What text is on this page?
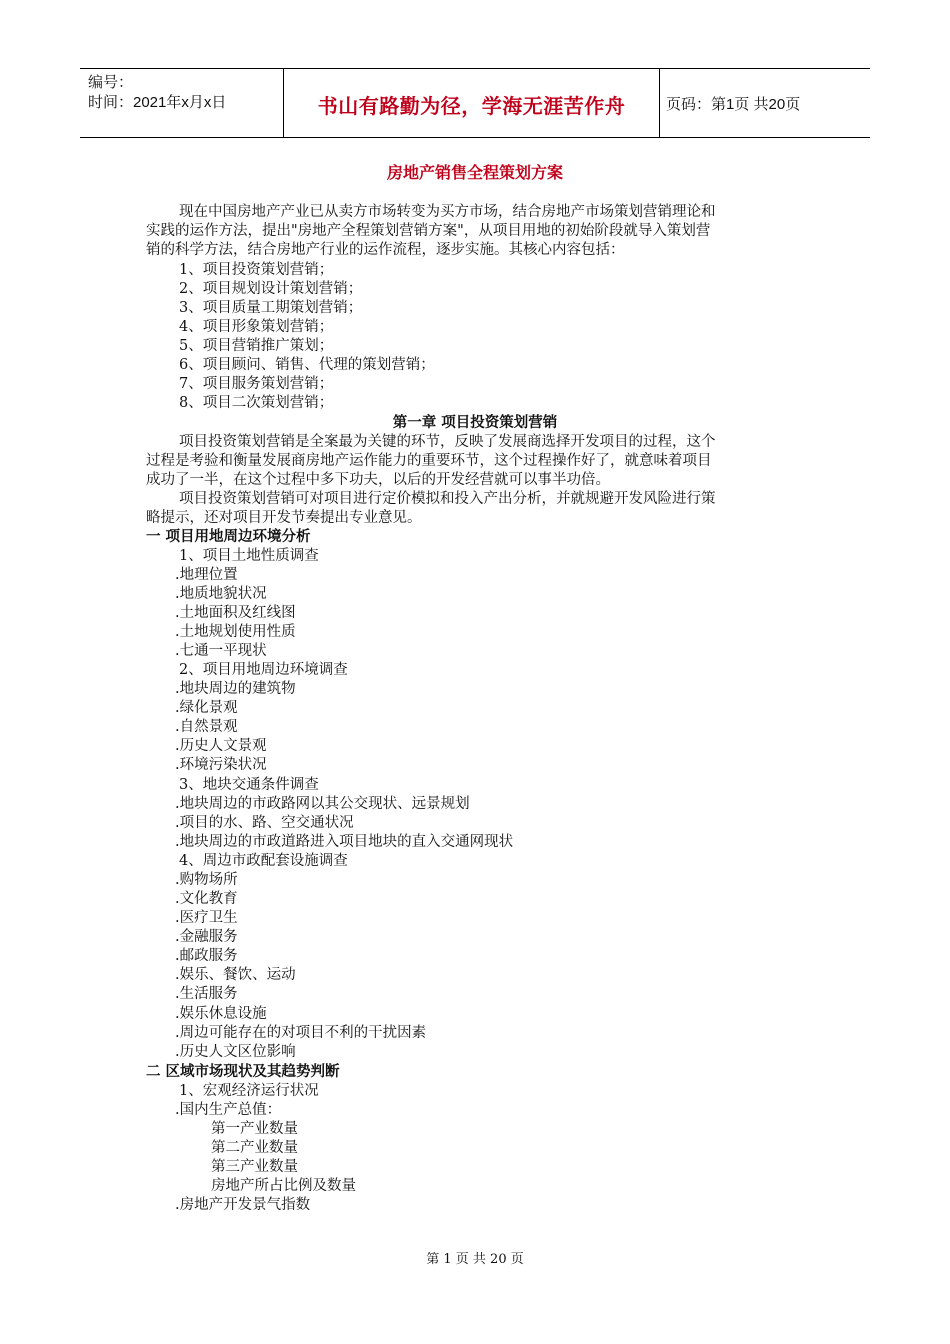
编号：
时间：2021年x月x日	书山有路勤为径，学海无涯苦作舟	页码：第1页 共20页
房地产销售全程策划方案
现在中国房地产产业已从卖方市场转变为买方市场，结合房地产市场策划营销理论和
实践的运作方法，提出"房地产全程策划营销方案"，从项目用地的初始阶段就导入策划营
销的科学方法，结合房地产行业的运作流程，逐步实施。其核心内容包括：
1、项目投资策划营销；
2、项目规划设计策划营销；
3、项目质量工期策划营销；
4、项目形象策划营销；
5、项目营销推广策划；
6、项目顾问、销售、代理的策划营销；
7、项目服务策划营销；
8、项目二次策划营销；
第一章 项目投资策划营销
项目投资策划营销是全案最为关键的环节，反映了发展商选择开发项目的过程，这个
过程是考验和衡量发展商房地产运作能力的重要环节，这个过程操作好了，就意味着项目
成功了一半，在这个过程中多下功夫，以后的开发经营就可以事半功倍。
项目投资策划营销可对项目进行定价模拟和投入产出分析，并就规避开发风险进行策
略提示，还对项目开发节奏提出专业意见。
一 项目用地周边环境分析
1、项目土地性质调查
.地理位置
.地质地貌状况
.土地面积及红线图
.土地规划使用性质
.七通一平现状
2、项目用地周边环境调查
.地块周边的建筑物
.绿化景观
.自然景观
.历史人文景观
.环境污染状况
3、地块交通条件调查
.地块周边的市政路网以其公交现状、远景规划
.项目的水、路、空交通状况
.地块周边的市政道路进入项目地块的直入交通网现状
4、周边市政配套设施调查
.购物场所
.文化教育
.医疗卫生
.金融服务
.邮政服务
.娱乐、餐饮、运动
.生活服务
.娱乐休息设施
.周边可能存在的对项目不利的干扰因素
.历史人文区位影响
二 区域市场现状及其趋势判断
1、宏观经济运行状况
.国内生产总值：
第一产业数量
第二产业数量
第三产业数量
房地产所占比例及数量
.房地产开发景气指数
第 1 页 共 20 页
